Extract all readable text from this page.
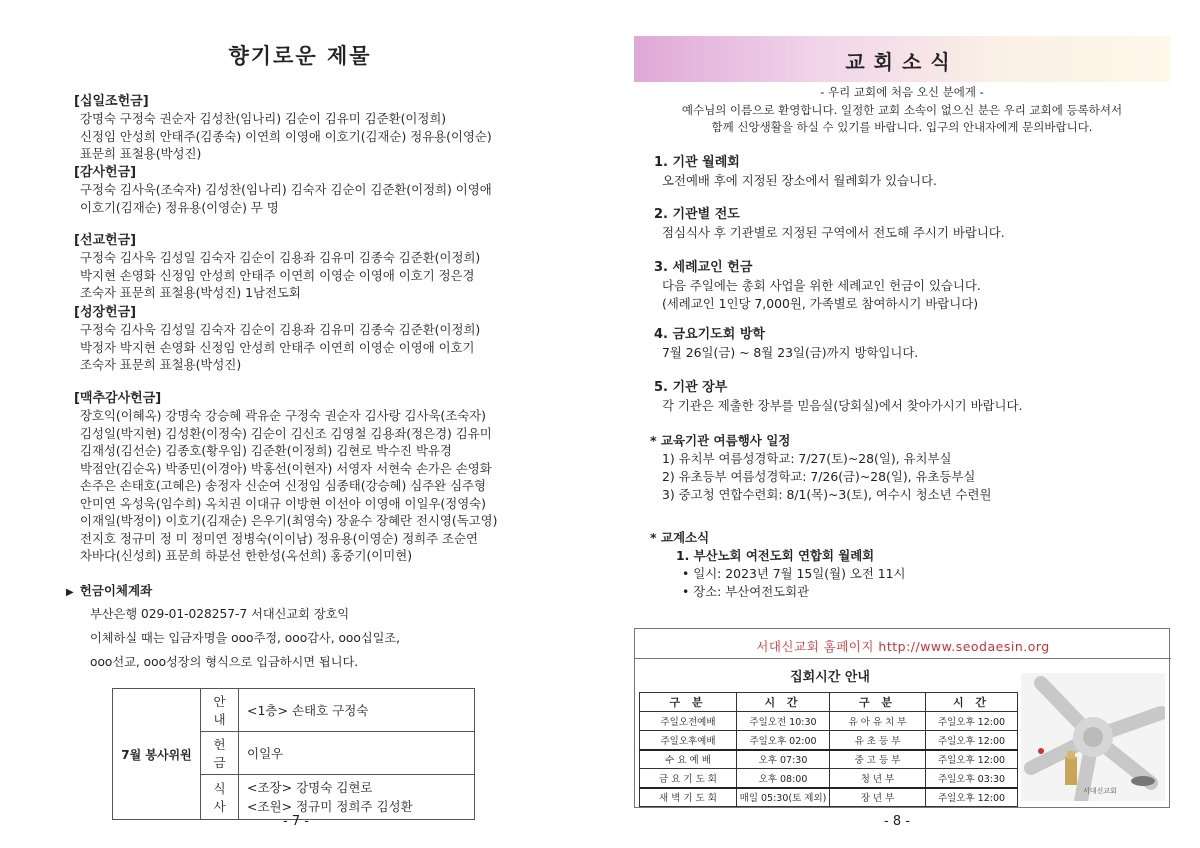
향기로운 제물
[십일조헌금]

강명숙 구정숙 권순자 김성찬(임나리) 김순이 김유미 김준환(이정희)

신정임 안성희 안태주(김종숙) 이연희 이영애 이호기(김재순) 정유용(이영순)

표문희 표철용(박성진)

[감사헌금]

구정숙 김사욱(조숙자) 김성찬(임나리) 김숙자 김순이 김준환(이정희) 이영애

이호기(김재순) 정유용(이영순) 무 명

[선교헌금]

구정숙 김사욱 김성일 김숙자 김순이 김용좌 김유미 김종숙 김준환(이정희)

박지현 손영화 신정임 안성희 안태주 이연희 이영순 이영애 이호기 정은경

조숙자 표문희 표철용(박성진) 1남전도회

[성장헌금]

구정숙 김사욱 김성일 김숙자 김순이 김용좌 김유미 김종숙 김준환(이정희)

박정자 박지현 손영화 신정임 안성희 안태주 이연희 이영순 이영애 이호기

조숙자 표문희 표철용(박성진)

[맥추감사헌금]

장호익(이혜옥) 강명숙 강승혜 곽유순 구정숙 권순자 김사랑 김사욱(조숙자)

김성일(박지현) 김성환(이정숙) 김순이 김신조 김영철 김용좌(정은경) 김유미

김재성(김선순) 김종호(황우임) 김준환(이정희) 김현로 박수진 박유경

박점안(김순옥) 박종민(이경아) 박홍선(이현자) 서영자 서현숙 손가은 손영화

손주은 손태호(고혜은) 송정자 신순여 신정임 심종태(강승혜) 심주완 심주형

안미연 옥성욱(임수희) 옥치권 이대규 이방현 이선아 이영애 이일우(정영숙)

이재일(박정이) 이호기(김재순) 은우기(최영숙) 장윤수 장혜란 전시영(독고영)

전지호 정규미 정 미 정미연 정병숙(이이남) 정유용(이영순) 정희주 조순연

차바다(신성희) 표문희 하분선 한한성(옥선희) 홍중기(이미현)

▶ 헌금이체계좌

부산은행 029-01-028257-7 서대신교회 장호익

이체하실 때는 입금자명을 ooo주정, ooo감사, ooo십일조,

ooo선교, ooo성장의 형식으로 입금하시면 됩니다.

7월 봉사위원	안내	<1층> 손태호 구정숙
	헌금	이일우
	식사	<조장> 강명숙 김현로
<조원> 정규미 정희주 김성환
- 7 -
교회소식
- 우리 교회에 처음 오신 분에게 -
예수님의 이름으로 환영합니다. 일정한 교회 소속이 없으신 분은 우리 교회에 등록하셔서
함께 신앙생활을 하실 수 있기를 바랍니다. 입구의 안내자에게 문의바랍니다.
1. 기관 월례회

오전예배 후에 지정된 장소에서 월례회가 있습니다.

2. 기관별 전도

점심식사 후 기관별로 지정된 구역에서 전도해 주시기 바랍니다.

3. 세례교인 헌금

다음 주일에는 총회 사업을 위한 세례교인 헌금이 있습니다.

(세례교인 1인당 7,000원, 가족별로 참여하시기 바랍니다)

4. 금요기도회 방학

7월 26일(금) ~ 8월 23일(금)까지 방학입니다.

5. 기관 장부

각 기관은 제출한 장부를 믿음실(당회실)에서 찾아가시기 바랍니다.

* 교육기관 여름행사 일정

1) 유치부 여름성경학교: 7/27(토)~28(일), 유치부실

2) 유초등부 여름성경학교: 7/26(금)~28(일), 유초등부실

3) 중고청 연합수련회: 8/1(목)~3(토), 여수시 청소년 수련원

* 교계소식

1. 부산노회 여전도회 연합회 월례회

• 일시: 2023년 7월 15일(월) 오전 11시

• 장소: 부산여전도회관

서대신교회 홈페이지 http://www.seodaesin.org
집회시간 안내
구 분	시 간	구 분	시 간
주일오전예배	주일오전 10:30	유 아 유 치 부	주일오후 12:00
주일오후예배	주일오후 02:00	유 초 등 부	주일오후 12:00
수 요 예 배	오후 07:30	중 고 등 부	주일오후 12:00
금 요 기 도 회	오후 08:00	청 년 부	주일오후 03:30
새 벽 기 도 회	매일 05:30(토 제외)	장 년 부	주일오후 12:00
서대신교회
- 8 -
